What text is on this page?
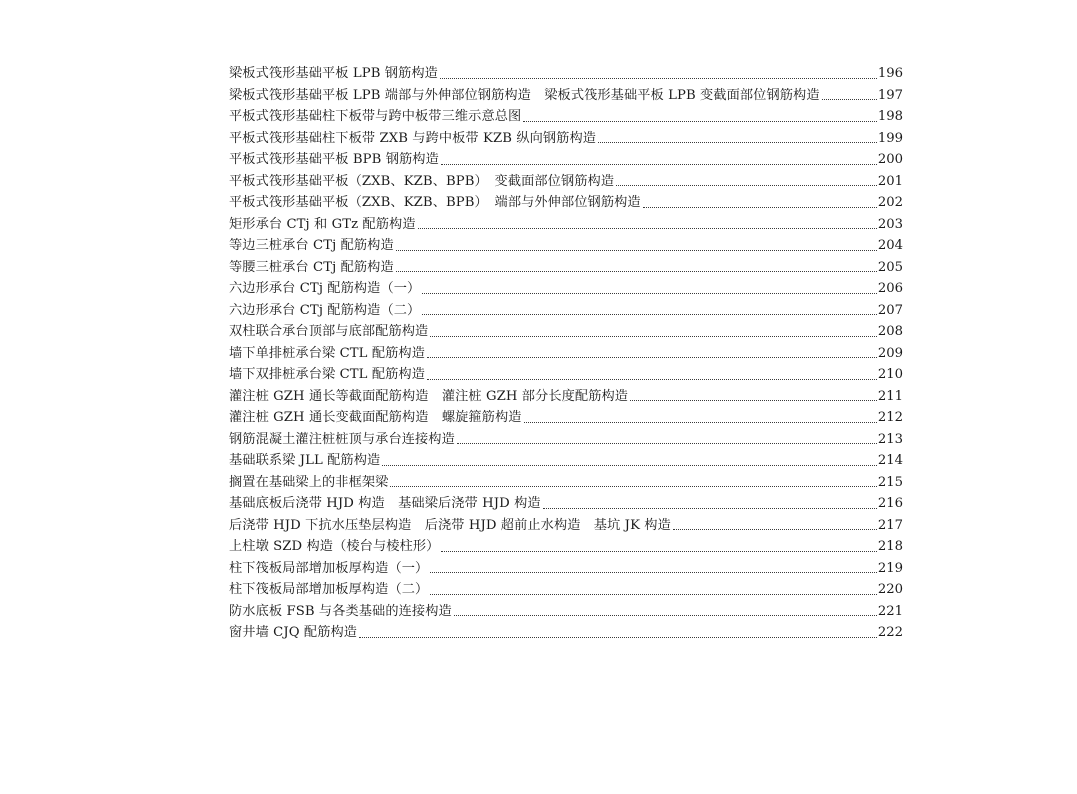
梁板式筏形基础平板 LPB 钢筋构造	196
梁板式筏形基础平板 LPB 端部与外伸部位钢筋构造　梁板式筏形基础平板 LPB 变截面部位钢筋构造	197
平板式筏形基础柱下板带与跨中板带三维示意总图	198
平板式筏形基础柱下板带 ZXB 与跨中板带 KZB 纵向钢筋构造	199
平板式筏形基础平板 BPB 钢筋构造	200
平板式筏形基础平板（ZXB、KZB、BPB）　变截面部位钢筋构造	201
平板式筏形基础平板（ZXB、KZB、BPB）　端部与外伸部位钢筋构造	202
矩形承台 CTj 和 GTz 配筋构造	203
等边三桩承台 CTj 配筋构造	204
等腰三桩承台 CTj 配筋构造	205
六边形承台 CTj 配筋构造（一）	206
六边形承台 CTj 配筋构造（二）	207
双柱联合承台顶部与底部配筋构造	208
墙下单排桩承台梁 CTL 配筋构造	209
墙下双排桩承台梁 CTL 配筋构造	210
灌注桩 GZH 通长等截面配筋构造　灌注桩 GZH 部分长度配筋构造	211
灌注桩 GZH 通长变截面配筋构造　螺旋箍筋构造	212
钢筋混凝土灌注桩桩顶与承台连接构造	213
基础联系梁 JLL 配筋构造	214
搁置在基础梁上的非框架梁	215
基础底板后浇带 HJD 构造　基础梁后浇带 HJD 构造	216
后浇带 HJD 下抗水压垫层构造　后浇带 HJD 超前止水构造　基坑 JK 构造	217
上柱墩 SZD 构造（棱台与棱柱形）	218
柱下筏板局部增加板厚构造（一）	219
柱下筏板局部增加板厚构造（二）	220
防水底板 FSB 与各类基础的连接构造	221
窗井墙 CJQ 配筋构造	222
